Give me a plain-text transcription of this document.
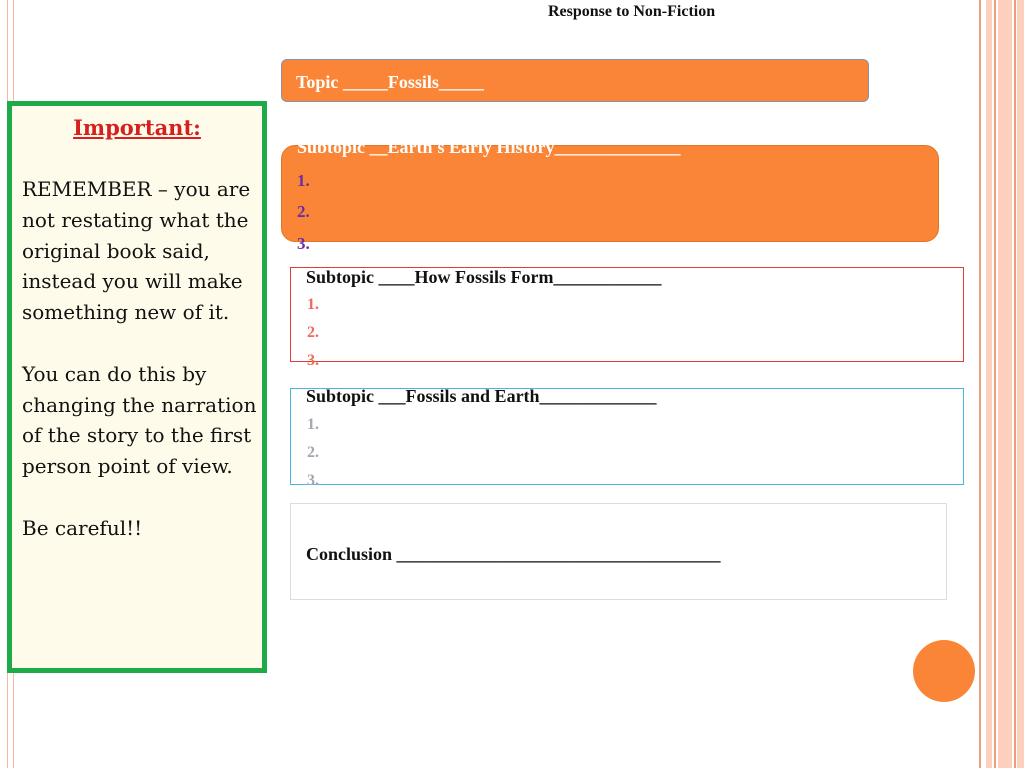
Response to Non-Fiction
Topic _____Fossils_____
Subtopic __Earth's Early History______________
1.
2.
3.
Subtopic ____How Fossils Form____________
1.
2.
3.
Subtopic ___Fossils and Earth_____________
1.
2.
3.
Conclusion ____________________________________
Important:

REMEMBER – you are not restating what the original book said, instead you will make something new of it.

You can do this by changing the narration of the story to the first person point of view.

Be careful!!
